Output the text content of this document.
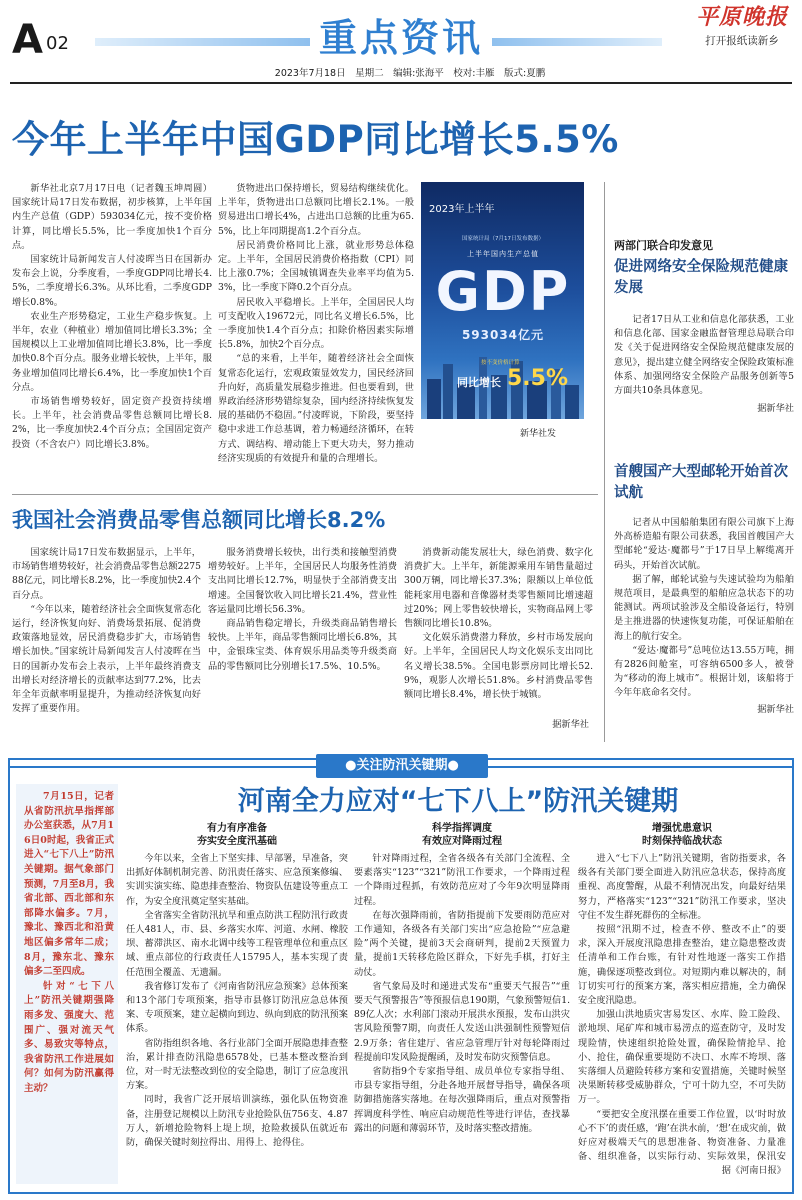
A 02	重点资讯	平原晚报
打开报纸读新乡
2023年7月18日　星期二　编辑:张海平　校对:丰雁　版式:夏鹏
今年上半年中国GDP同比增长5.5%

新华社北京7月17日电（记者魏玉坤周圆）国家统计局17日发布数据，初步核算，上半年国内生产总值（GDP）593034亿元，按不变价格计算，同比增长5.5%，比一季度加快1个百分点。

国家统计局新闻发言人付凌晖当日在国新办发布会上说，分季度看，一季度GDP同比增长4.5%，二季度增长6.3%。从环比看，二季度GDP增长0.8%。

农业生产形势稳定，工业生产稳步恢复。上半年，农业（种植业）增加值同比增长3.3%；全国规模以上工业增加值同比增长3.8%，比一季度加快0.8个百分点。服务业增长较快，上半年，服务业增加值同比增长6.4%，比一季度加快1个百分点。

市场销售增势较好，固定资产投资持续增长。上半年，社会消费品零售总额同比增长8.2%，比一季度加快2.4个百分点；全国固定资产投资（不含农户）同比增长3.8%。

货物进出口保持增长，贸易结构继续优化。上半年，货物进出口总额同比增长2.1%。一般贸易进出口增长4%，占进出口总额的比重为65.5%，比上年同期提高1.2个百分点。

居民消费价格同比上涨，就业形势总体稳定。上半年，全国居民消费价格指数（CPI）同比上涨0.7%；全国城镇调查失业率平均值为5.3%，比一季度下降0.2个百分点。

居民收入平稳增长。上半年，全国居民人均可支配收入19672元，同比名义增长6.5%，比一季度加快1.4个百分点；扣除价格因素实际增长5.8%，加快2个百分点。

“总的来看，上半年，随着经济社会全面恢复常态化运行，宏观政策显效发力，国民经济回升向好，高质量发展稳步推进。但也要看到，世界政治经济形势错综复杂，国内经济持续恢复发展的基础仍不稳固。”付凌晖说，下阶段，要坚持稳中求进工作总基调，着力畅通经济循环，在转方式、调结构、增动能上下更大功夫，努力推动经济实现质的有效提升和量的合理增长。

2023年上半年
国家统计局（7月17日发布数据）
上半年国内生产总值
GDP
593034亿元
按不变价格计算
同比增长 5.5%
新华社发
两部门联合印发意见
促进网络安全保险规范健康发展

记者17日从工业和信息化部获悉，工业和信息化部、国家金融监督管理总局联合印发《关于促进网络安全保险规范健康发展的意见》，提出建立健全网络安全保险政策标准体系、加强网络安全保险产品服务创新等5方面共10条具体意见。

据新华社
首艘国产大型邮轮开始首次试航

记者从中国船舶集团有限公司旗下上海外高桥造船有限公司获悉，我国首艘国产大型邮轮“爱达·魔都号”于17日早上解缆离开码头，开始首次试航。

据了解，邮轮试验与失速试验均为船舶规范项目，是最典型的船舶应急状态下的功能测试。两项试验涉及全船设备运行，特别是主推进器的快速恢复功能，可保证船舶在海上的航行安全。

“爱达·魔都号”总吨位达13.55万吨，拥有2826间舱室，可容纳6500多人，被誉为“移动的海上城市”。根据计划，该船将于今年年底命名交付。

据新华社
我国社会消费品零售总额同比增长8.2%

国家统计局17日发布数据显示，上半年，市场销售增势较好，社会消费品零售总额227588亿元，同比增长8.2%，比一季度加快2.4个百分点。

“今年以来，随着经济社会全面恢复常态化运行，经济恢复向好、消费场景拓展、促消费政策落地显效，居民消费稳步扩大，市场销售增长加快。”国家统计局新闻发言人付凌晖在当日的国新办发布会上表示，上半年最终消费支出增长对经济增长的贡献率达到77.2%，比去年全年贡献率明显提升，为推动经济恢复向好发挥了重要作用。

服务消费增长较快，出行类和接触型消费增势较好。上半年，全国居民人均服务性消费支出同比增长12.7%，明显快于全部消费支出增速。全国餐饮收入同比增长21.4%，营业性客运量同比增长56.3%。

商品销售稳定增长，升级类商品销售增长较快。上半年，商品零售额同比增长6.8%，其中，金银珠宝类、体育娱乐用品类等升级类商品的零售额同比分别增长17.5%、10.5%。

消费新动能发展壮大，绿色消费、数字化消费扩大。上半年，新能源乘用车销售量超过300万辆，同比增长37.3%；限额以上单位低能耗家用电器和音像器材类零售额同比增速超过20%；网上零售较快增长，实物商品网上零售额同比增长10.8%。

文化娱乐消费潜力释放，乡村市场发展向好。上半年，全国居民人均文化娱乐支出同比名义增长38.5%。全国电影票房同比增长52.9%，观影人次增长51.8%。乡村消费品零售额同比增长8.4%，增长快于城镇。

据新华社
●关注防汛关键期●

7月15日，记者从省防汛抗旱指挥部办公室获悉，从7月16日0时起，我省正式进入“七下八上”防汛关键期。据气象部门预测，7月至8月，我省北部、西北部和东部降水偏多。7月，豫北、豫西北和沿黄地区偏多常年二成；8月，豫东北、豫东偏多二至四成。

针对“七下八上”防汛关键期强降雨多发、强度大、范围广、强对流天气多、易致灾等特点，我省防汛工作进展如何？如何为防汛赢得主动？

河南全力应对“七下八上”防汛关键期
有力有序准备
夯实安全度汛基础

今年以来，全省上下坚实排、早部署，早准备，突出抓好体制机制完善、防汛责任落实、应急预案修编、实训实演实练、隐患排查整治、物资队伍建设等重点工作，为安全度汛奠定坚实基础。

全省落实全省防汛抗旱和重点防洪工程防汛行政责任人481人，市、县、乡落实水库、河道、水闸、橡胶坝、蓄滞洪区、南水北调中线等工程管理单位和重点区域、重点部位的行政责任人15795人，基本实现了责任范围全覆盖、无遗漏。

我省修订发布了《河南省防汛应急预案》总体预案和13个部门专项预案，指导市县修订防汛应急总体预案、专项预案，建立起横向到边、纵向到底的防汛预案体系。

省防指组织各地、各行业部门全面开展隐患排查整治，累计排查防汛隐患6578处，已基本整改整治到位，对一时无法整改到位的安全隐患，制订了应急度汛方案。

同时，我省广泛开展培训演练，强化队伍物资准备，注册登记规模以上防汛专业抢险队伍756支、4.87万人，新增抢险物料上堤上坝，抢险救援队伍就近布防，确保关键时刻拉得出、用得上、抢得住。

科学指挥调度
有效应对降雨过程

针对降雨过程，全省各级各有关部门全流程、全要素落实“123”“321”防汛工作要求，一个降雨过程一个降雨过程抓，有效防范应对了今年9次明显降雨过程。

在每次强降雨前，省防指提前下发要雨防范应对工作通知，各级各有关部门实出“应急抢险”“应急避险”两个关键，提前3天会商研判，提前2天预置力量，提前1天转移危险区群众，下好先手棋，打好主动仗。

省气象局及时和递进式发布“重要天气报告”“重要天气预警报告”等预报信息190期，气象预警短信1.89亿人次；水利部门滚动开展洪水预报，发布山洪灾害风险预警7期，向责任人发送山洪强制性预警短信2.9万条；省住建厅、省应急管理厅针对每轮降雨过程提前印发风险提醒函，及时发布防灾预警信息。

省防指9个专家指导组、成员单位专家指导组、市县专家指导组，分赴各地开展督导指导，确保各项防御措施落实落地。在每次强降雨后，重点对预警指挥调度科学性、响应启动规范性等进行评估，查找暴露出的问题和薄弱环节，及时落实整改措施。

增强忧患意识
时刻保持临战状态

进入“七下八上”防汛关键期，省防指要求，各级各有关部门要全面进入防汛应急状态，保持高度重视、高度警醒，从最不利情况出发，向最好结果努力，严格落实“123”“321”防汛工作要求，坚决守住不发生群死群伤的全标准。

按照“汛期不过，检查不停、整改不止”的要求，深入开展度汛隐患排查整治，建立隐患整改责任清单和工作台账，有针对性地逐一落实工作措施，确保逐项整改到位。对短期内难以解决的，制订切实可行的预案方案，落实相应措施，全力确保安全度汛隐患。

加强山洪地质灾害易发区、水库、险工险段、淤地坝、尾矿库和城市易涝点的巡查防守，及时发现险情，快速组织抢险处置，确保险情抢早、抢小、抢住，确保重要堤防不决口、水库不垮坝、落实落细人员避险转移方案和安置措施，关键时候坚决果断转移受威胁群众，宁可十防九空，不可失防万一。

“要把安全度汛摆在重要工作位置，以‘时时放心不下’的责任感，‘跑’在洪水前，‘想’在成灾前，做好应对极端天气的思想准备、物资准备、力量准备、组织准备，以实际行动、实际效果，保汛安

据《河南日报》
